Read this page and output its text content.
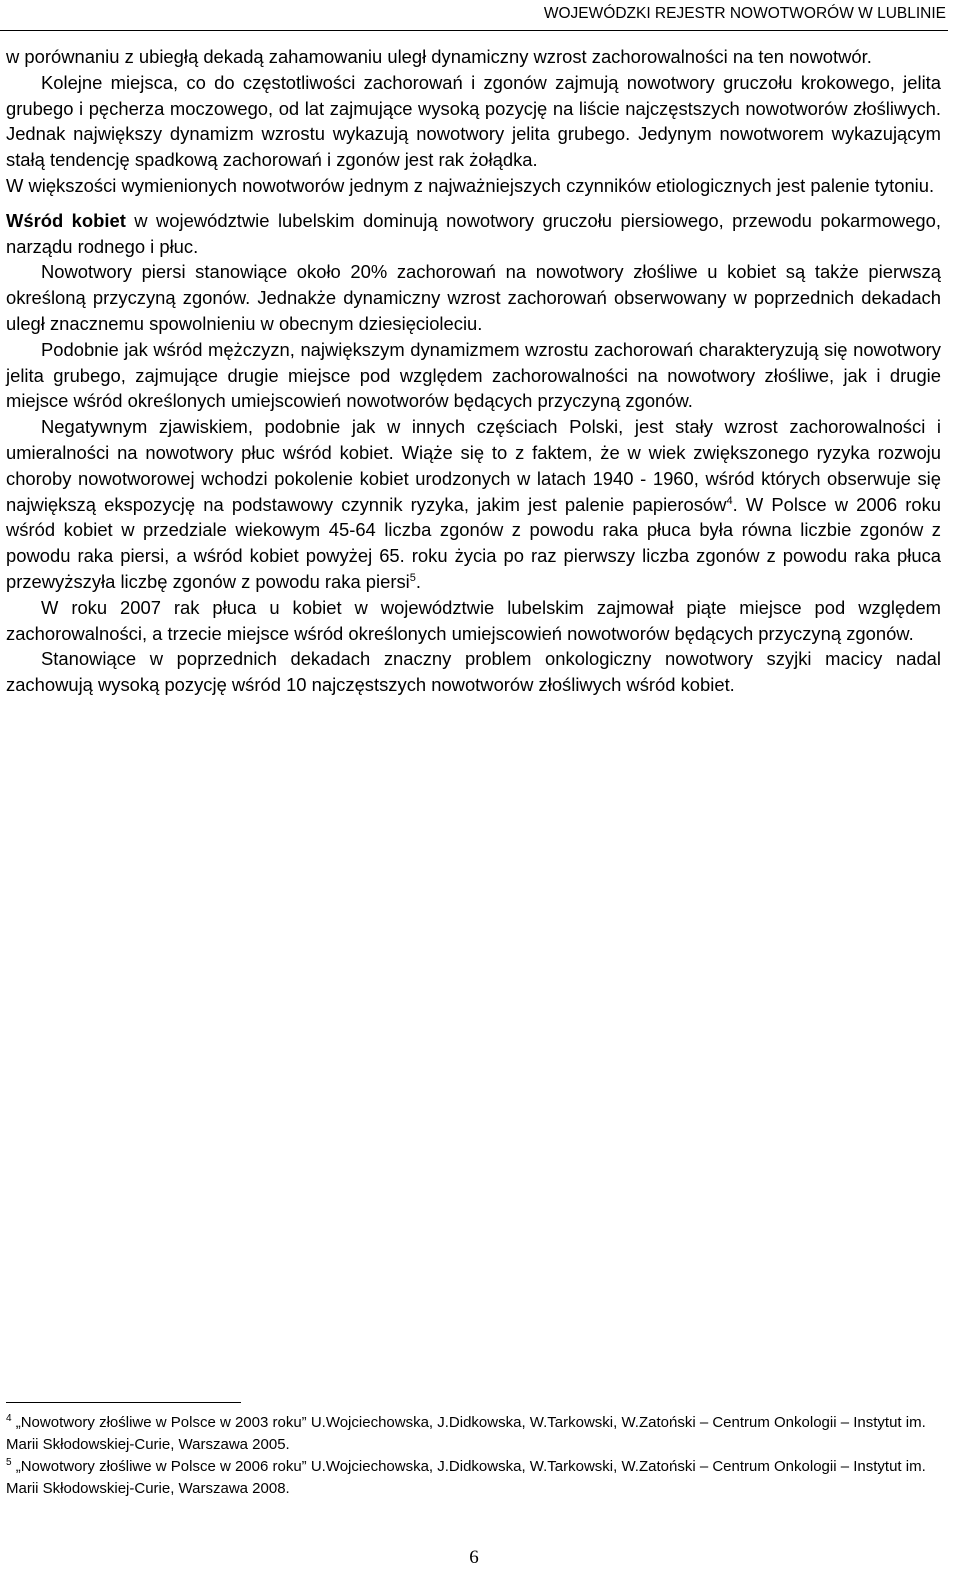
WOJEWÓDZKI REJESTR NOWOTWORÓW W LUBLINIE

w porównaniu z ubiegłą dekadą zahamowaniu uległ dynamiczny wzrost zachorowalności na ten nowotwór.

Kolejne miejsca, co do częstotliwości zachorowań i zgonów zajmują nowotwory gruczołu krokowego, jelita grubego i pęcherza moczowego, od lat zajmujące wysoką pozycję na liście najczęstszych nowotworów złośliwych. Jednak największy dynamizm wzrostu wykazują nowotwory jelita grubego. Jedynym nowotworem wykazującym stałą tendencję spadkową zachorowań i zgonów jest rak żołądka.

W większości wymienionych nowotworów jednym z najważniejszych czynników etiologicznych jest palenie tytoniu.

Wśród kobiet w województwie lubelskim dominują nowotwory gruczołu piersiowego, przewodu pokarmowego, narządu rodnego i płuc.

Nowotwory piersi stanowiące około 20% zachorowań na nowotwory złośliwe u kobiet są także pierwszą określoną przyczyną zgonów. Jednakże dynamiczny wzrost zachorowań obserwowany w poprzednich dekadach uległ znacznemu spowolnieniu w obecnym dziesięcioleciu.

Podobnie jak wśród mężczyzn, największym dynamizmem wzrostu zachorowań charakteryzują się nowotwory jelita grubego, zajmujące drugie miejsce pod względem zachorowalności na nowotwory złośliwe, jak i drugie miejsce wśród określonych umiejscowień nowotworów będących przyczyną zgonów.

Negatywnym zjawiskiem, podobnie jak w innych częściach Polski, jest stały wzrost zachorowalności i umieralności na nowotwory płuc wśród kobiet. Wiąże się to z faktem, że w wiek zwiększonego ryzyka rozwoju choroby nowotworowej wchodzi pokolenie kobiet urodzonych w latach 1940 - 1960, wśród których obserwuje się największą ekspozycję na podstawowy czynnik ryzyka, jakim jest palenie papierosów$^4$. W Polsce w 2006 roku wśród kobiet w przedziale wiekowym 45-64 liczba zgonów z powodu raka płuca była równa liczbie zgonów z powodu raka piersi, a wśród kobiet powyżej 65. roku życia po raz pierwszy liczba zgonów z powodu raka płuca przewyższyła liczbę zgonów z powodu raka piersi$^5$.

W roku 2007 rak płuca u kobiet w województwie lubelskim zajmował piąte miejsce pod względem zachorowalności, a trzecie miejsce wśród określonych umiejscowień nowotworów będących przyczyną zgonów.

Stanowiące w poprzednich dekadach znaczny problem onkologiczny nowotwory szyjki macicy nadal zachowują wysoką pozycję wśród 10 najczęstszych nowotworów złośliwych wśród kobiet.

$^4$ „Nowotwory złośliwe w Polsce w 2003 roku” U.Wojciechowska, J.Didkowska, W.Tarkowski, W.Zatoński – Centrum Onkologii – Instytut im. Marii Skłodowskiej-Curie, Warszawa 2005.

$^5$ „Nowotwory złośliwe w Polsce w 2006 roku” U.Wojciechowska, J.Didkowska, W.Tarkowski, W.Zatoński – Centrum Onkologii – Instytut im. Marii Skłodowskiej-Curie, Warszawa 2008.

6
